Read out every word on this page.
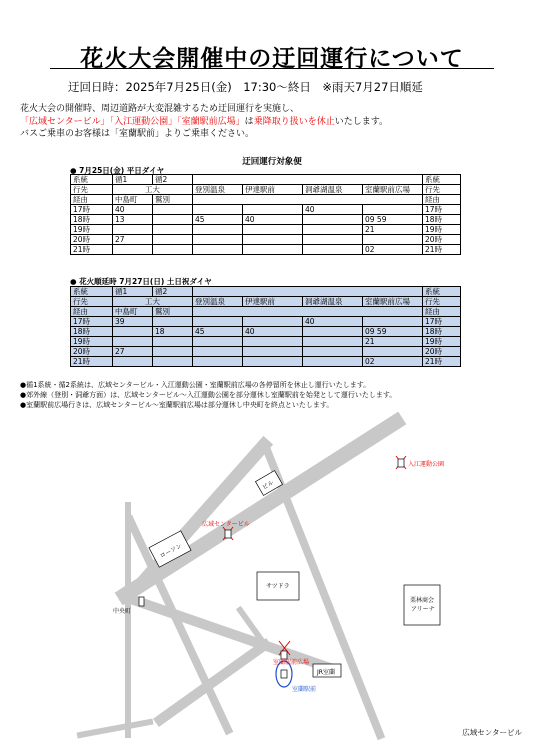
花火大会開催中の迂回運行について
迂回日時：2025年7月25日(金)　17:30～終日　※雨天7月27日順延
花火大会の開催時、周辺道路が大変混雑するため迂回運行を実施し、
「広域センタービル」「入江運動公園」「室蘭駅前広場」は乗降取り扱いを休止いたします。
バスご乗車のお客様は「室蘭駅前」よりご乗車ください。
迂回運行対象便
● 7月25日(金) 平日ダイヤ
系統	循1	循2					系統
行先	工大		登別温泉	伊達駅前	洞爺湖温泉	室蘭駅前広場	行先
経由	中島町	鷲別					経由
17時	40				40		17時
18時	13		45	40		09 59	18時
19時						21	19時
20時	27						20時
21時						02	21時
● 花火順延時 7月27日(日) 土日祝ダイヤ
系統	循1	循2					系統
行先	工大		登別温泉	伊達駅前	洞爺湖温泉	室蘭駅前広場	行先
経由	中島町	鷲別					経由
17時	39				40		17時
18時		18	45	40		09 59	18時
19時						21	19時
20時	27						20時
21時						02	21時
●循1系統・循2系統は、広域センタービル・入江運動公園・室蘭駅前広場の各停留所を休止し運行いたします。
●郊外線（登別・洞爺方面）は、広域センタービル～入江運動公園を部分運休し室蘭駅前を始発として運行いたします。
●室蘭駅前広場行きは、広域センタービル～室蘭駅前広場は部分運休し中央町を終点といたします。
ローソン
中央町
広域センタービル
入江運動公園
ビル
サツドラ
栗林商会
アリーナ
室蘭駅前広場
JR室蘭
室蘭駅前
広域センタービル
